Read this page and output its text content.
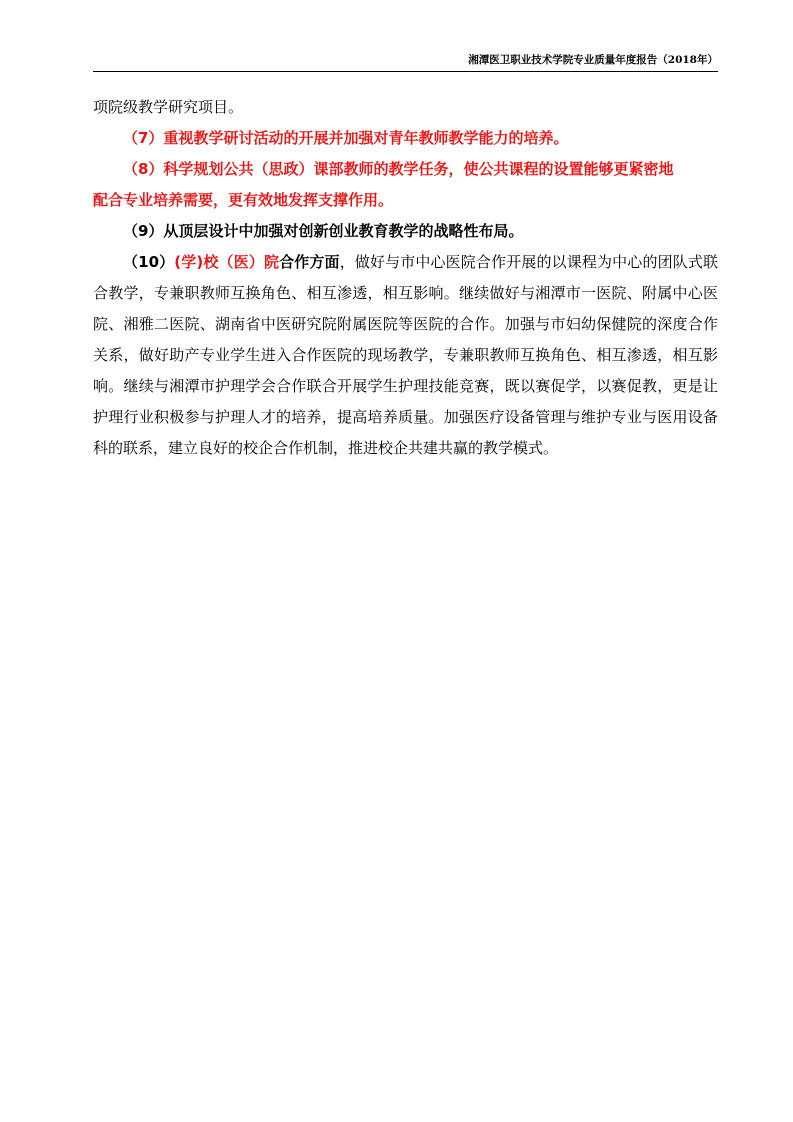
湘潭医卫职业技术学院专业质量年度报告（2018年）

项院级教学研究项目。

（7）重视教学研讨活动的开展并加强对青年教师教学能力的培养。

（8）科学规划公共（思政）课部教师的教学任务，使公共课程的设置能够更紧密地

配合专业培养需要，更有效地发挥支撑作用。

（9）从顶层设计中加强对创新创业教育教学的战略性布局。

（10）(学)校（医）院合作方面，做好与市中心医院合作开展的以课程为中心的团队式联合教学，专兼职教师互换角色、相互渗透，相互影响。继续做好与湘潭市一医院、附属中心医院、湘雅二医院、湖南省中医研究院附属医院等医院的合作。加强与市妇幼保健院的深度合作关系，做好助产专业学生进入合作医院的现场教学，专兼职教师互换角色、相互渗透，相互影响。继续与湘潭市护理学会合作联合开展学生护理技能竞赛，既以赛促学，以赛促教，更是让护理行业积极参与护理人才的培养，提高培养质量。加强医疗设备管理与维护专业与医用设备科的联系，建立良好的校企合作机制，推进校企共建共赢的教学模式。
